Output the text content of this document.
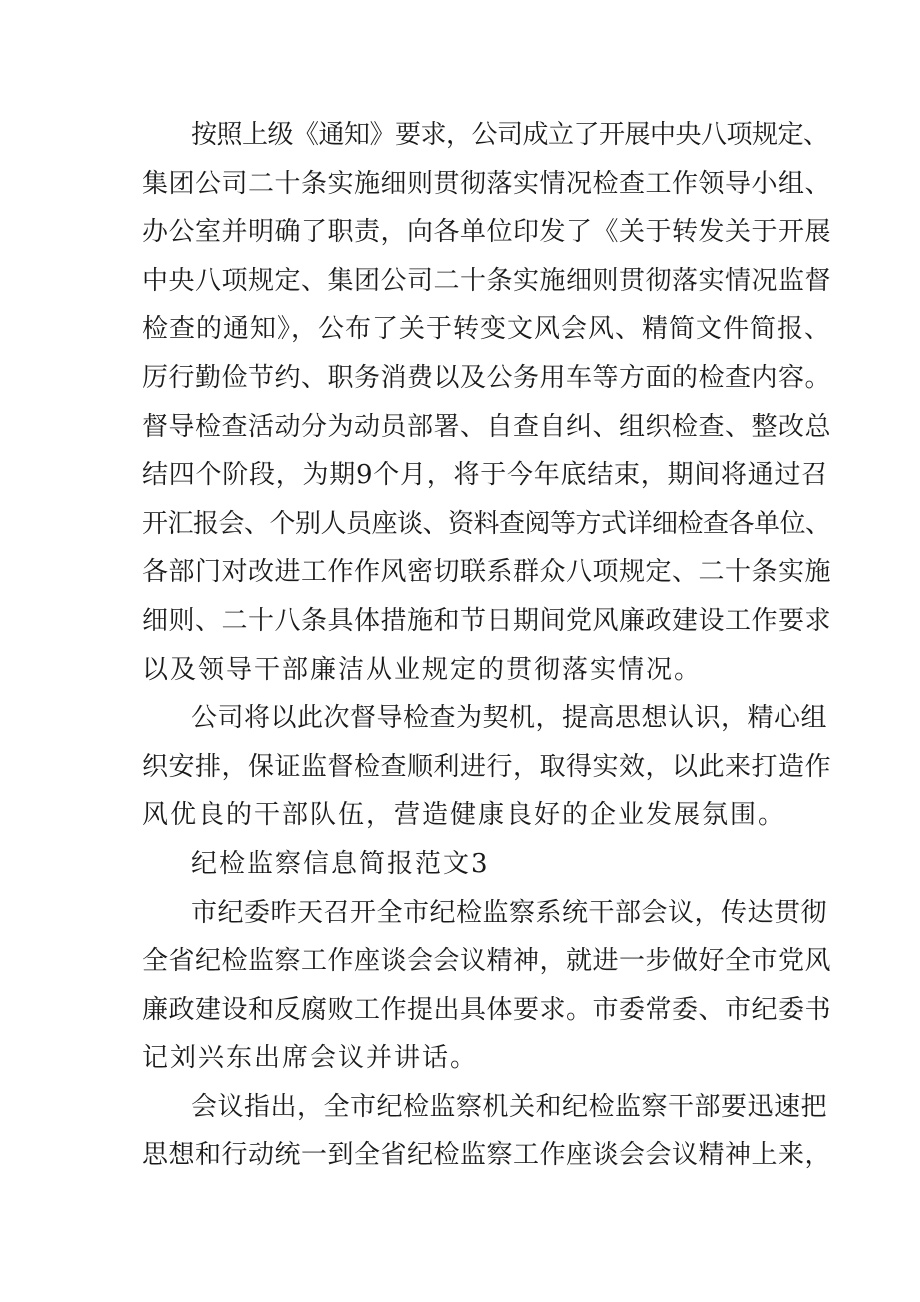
按照上级《通知》要求，公司成立了开展中央八项规定、
集团公司二十条实施细则贯彻落实情况检查工作领导小组、
办公室并明确了职责，向各单位印发了《关于转发关于开展
中央八项规定、集团公司二十条实施细则贯彻落实情况监督
检查的通知》，公布了关于转变文风会风、精简文件简报、
厉行勤俭节约、职务消费以及公务用车等方面的检查内容。
督导检查活动分为动员部署、自查自纠、组织检查、整改总
结四个阶段，为期9个月，将于今年底结束，期间将通过召
开汇报会、个别人员座谈、资料查阅等方式详细检查各单位、
各部门对改进工作作风密切联系群众八项规定、二十条实施
细则、二十八条具体措施和节日期间党风廉政建设工作要求
以及领导干部廉洁从业规定的贯彻落实情况。
公司将以此次督导检查为契机，提高思想认识，精心组
织安排，保证监督检查顺利进行，取得实效，以此来打造作
风优良的干部队伍，营造健康良好的企业发展氛围。
纪检监察信息简报范文3
市纪委昨天召开全市纪检监察系统干部会议，传达贯彻
全省纪检监察工作座谈会会议精神，就进一步做好全市党风
廉政建设和反腐败工作提出具体要求。市委常委、市纪委书
记刘兴东出席会议并讲话。
会议指出，全市纪检监察机关和纪检监察干部要迅速把
思想和行动统一到全省纪检监察工作座谈会会议精神上来，
